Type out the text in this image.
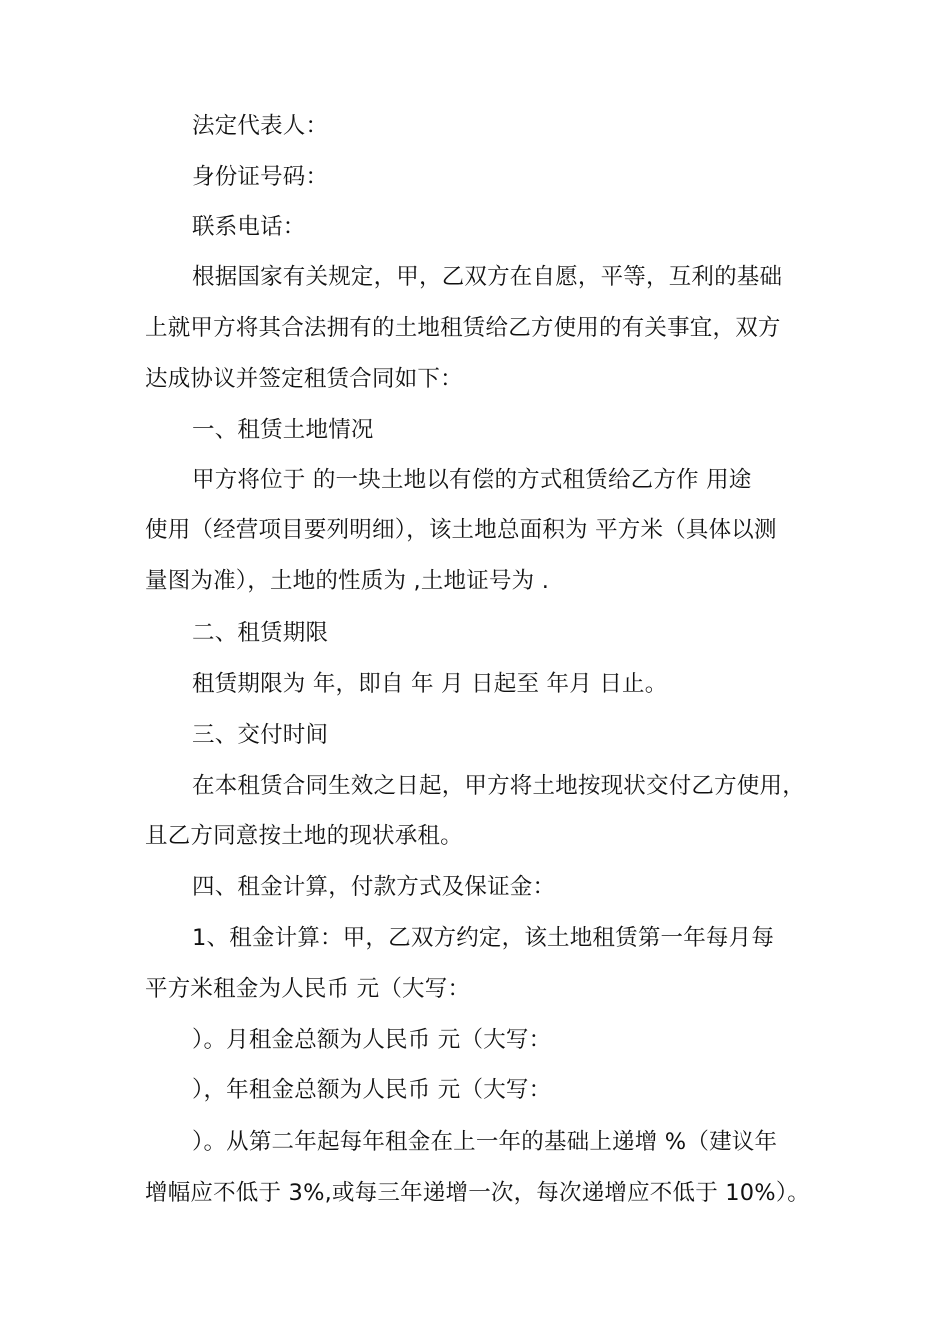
法定代表人：
身份证号码：
联系电话：
根据国家有关规定，甲，乙双方在自愿，平等，互利的基础
上就甲方将其合法拥有的土地租赁给乙方使用的有关事宜，双方
达成协议并签定租赁合同如下：
一、租赁土地情况
甲方将位于 的一块土地以有偿的方式租赁给乙方作 用途
使用（经营项目要列明细），该土地总面积为 平方米（具体以测
量图为准），土地的性质为 ,土地证号为 .
二、租赁期限
租赁期限为 年，即自 年 月 日起至 年月 日止。
三、交付时间
在本租赁合同生效之日起，甲方将土地按现状交付乙方使用，
且乙方同意按土地的现状承租。
四、租金计算，付款方式及保证金：
1、租金计算：甲，乙双方约定，该土地租赁第一年每月每
平方米租金为人民币 元（大写：
）。月租金总额为人民币 元（大写：
），年租金总额为人民币 元（大写：
）。从第二年起每年租金在上一年的基础上递增 %（建议年
增幅应不低于 3%,或每三年递增一次，每次递增应不低于 10%）。
